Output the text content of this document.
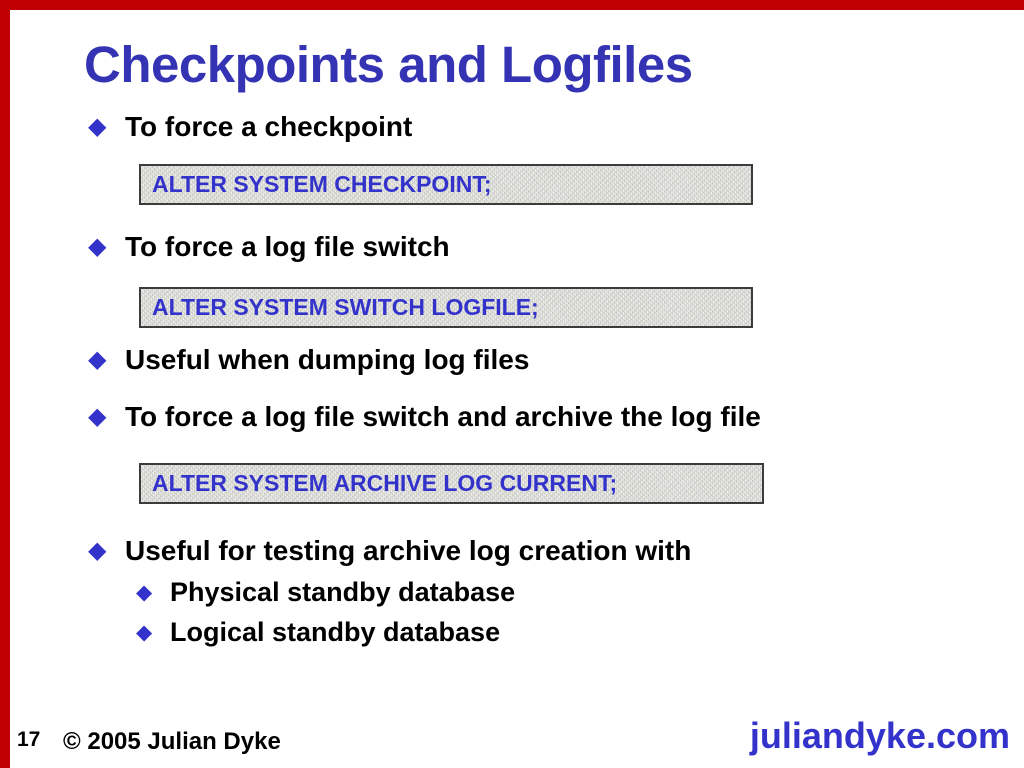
Checkpoints and Logfiles
◆ To force a checkpoint
ALTER SYSTEM CHECKPOINT;
◆ To force a log file switch
ALTER SYSTEM SWITCH LOGFILE;
◆ Useful when dumping log files
◆ To force a log file switch and archive the log file
ALTER SYSTEM ARCHIVE LOG CURRENT;
◆ Useful for testing archive log creation with
◆ Physical standby database
◆ Logical standby database
17 © 2005 Julian Dyke	juliandyke.com
